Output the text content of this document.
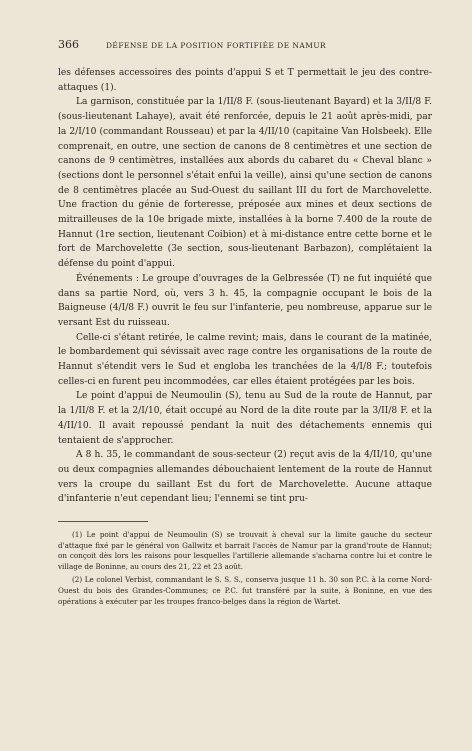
366	DÉFENSE DE LA POSITION FORTIFIÉE DE NAMUR

les défenses accessoires des points d'appui S et T permettait le jeu des contre-attaques (1).

La garnison, constituée par la 1/II/8 F. (sous-lieutenant Bayard) et la 3/II/8 F. (sous-lieutenant Lahaye), avait été renforcée, depuis le 21 août après-midi, par la 2/I/10 (commandant Rousseau) et par la 4/II/10 (capitaine Van Holsbeek). Elle comprenait, en outre, une section de canons de 8 centimètres et une section de canons de 9 centimètres, installées aux abords du cabaret du « Cheval blanc » (sections dont le personnel s'était enfui la veille), ainsi qu'une section de canons de 8 centimètres placée au Sud-Ouest du saillant III du fort de Marchovelette. Une fraction du génie de forteresse, préposée aux mines et deux sections de mitrailleuses de la 10e brigade mixte, installées à la borne 7.400 de la route de Hannut (1re section, lieutenant Coibion) et à mi-distance entre cette borne et le fort de Marchovelette (3e section, sous-lieutenant Barbazon), complétaient la défense du point d'appui.

Événements : Le groupe d'ouvrages de la Gelbressée (T) ne fut inquiété que dans sa partie Nord, où, vers 3 h. 45, la compagnie occupant le bois de la Baigneuse (4/I/8 F.) ouvrit le feu sur l'infanterie, peu nombreuse, apparue sur le versant Est du ruisseau.

Celle-ci s'étant retirée, le calme revint; mais, dans le courant de la matinée, le bombardement qui sévissait avec rage contre les organisations de la route de Hannut s'étendit vers le Sud et engloba les tranchées de la 4/I/8 F.; toutefois celles-ci en furent peu incommodées, car elles étaient protégées par les bois.

Le point d'appui de Neumoulin (S), tenu au Sud de la route de Hannut, par la 1/II/8 F. et la 2/I/10, était occupé au Nord de la dite route par la 3/II/8 F. et la 4/II/10. Il avait repoussé pendant la nuit des détachements ennemis qui tentaient de s'approcher.

A 8 h. 35, le commandant de sous-secteur (2) reçut avis de la 4/II/10, qu'une ou deux compagnies allemandes débouchaient lentement de la route de Hannut vers la croupe du saillant Est du fort de Marchovelette. Aucune attaque d'infanterie n'eut cependant lieu; l'ennemi se tint pru-

(1) Le point d'appui de Neumoulin (S) se trouvait à cheval sur la limite gauche du secteur d'attaque fixé par le général von Gallwitz et barrait l'accès de Namur par la grand'route de Hannut; on conçoit dès lors les raisons pour lesquelles l'artillerie allemande s'acharna contre lui et contre le village de Boninne, au cours des 21, 22 et 23 août.

(2) Le colonel Verbist, commandant le S. S. S., conserva jusque 11 h. 30 son P.C. à la corne Nord-Ouest du bois des Grandes-Communes; ce P.C. fut transféré par la suite, à Boninne, en vue des opérations à exécuter par les troupes franco-belges dans la région de Wartet.
